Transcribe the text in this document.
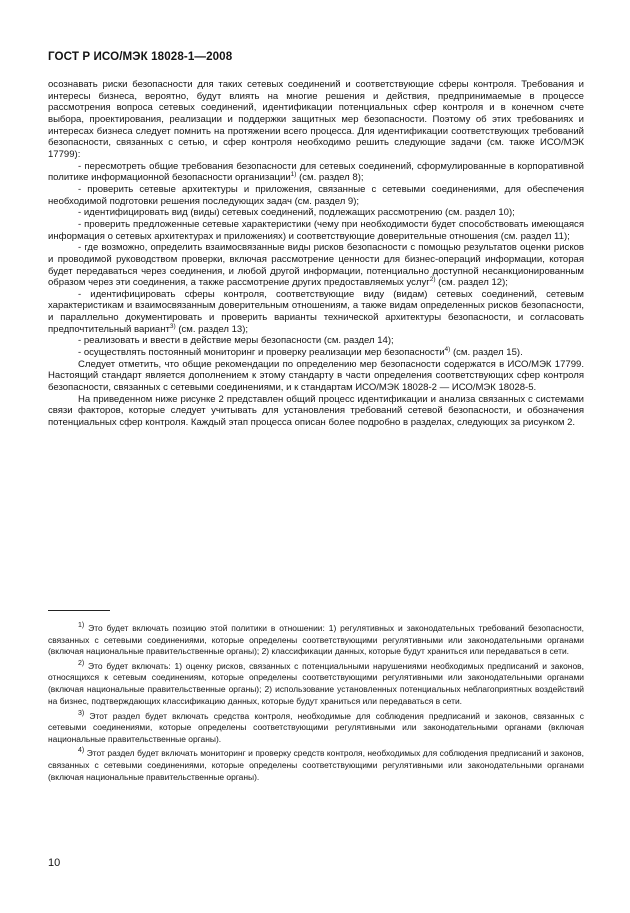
ГОСТ Р ИСО/МЭК 18028-1—2008

осознавать риски безопасности для таких сетевых соединений и соответствующие сферы контроля. Требования и интересы бизнеса, вероятно, будут влиять на многие решения и действия, предпринимаемые в процессе рассмотрения вопроса сетевых соединений, идентификации потенциальных сфер контроля и в конечном счете выбора, проектирования, реализации и поддержки защитных мер безопасности. Поэтому об этих требованиях и интересах бизнеса следует помнить на протяжении всего процесса. Для идентификации соответствующих требований безопасности, связанных с сетью, и сфер контроля необходимо решить следующие задачи (см. также ИСО/МЭК 17799):

- пересмотреть общие требования безопасности для сетевых соединений, сформулированные в корпоративной политике информационной безопасности организации$^{1)}$ (см. раздел 8);

- проверить сетевые архитектуры и приложения, связанные с сетевыми соединениями, для обеспечения необходимой подготовки решения последующих задач (см. раздел 9);

- идентифицировать вид (виды) сетевых соединений, подлежащих рассмотрению (см. раздел 10);

- проверить предложенные сетевые характеристики (чему при необходимости будет способствовать имеющаяся информация о сетевых архитектурах и приложениях) и соответствующие доверительные отношения (см. раздел 11);

- где возможно, определить взаимосвязанные виды рисков безопасности с помощью результатов оценки рисков и проводимой руководством проверки, включая рассмотрение ценности для бизнес-операций информации, которая будет передаваться через соединения, и любой другой информации, потенциально доступной несанкционированным образом через эти соединения, а также рассмотрение других предоставляемых услуг$^{2)}$ (см. раздел 12);

- идентифицировать сферы контроля, соответствующие виду (видам) сетевых соединений, сетевым характеристикам и взаимосвязанным доверительным отношениям, а также видам определенных рисков безопасности, и параллельно документировать и проверить варианты технической архитектуры безопасности, и согласовать предпочтительный вариант$^{3)}$ (см. раздел 13);

- реализовать и ввести в действие меры безопасности (см. раздел 14);

- осуществлять постоянный мониторинг и проверку реализации мер безопасности$^{4)}$ (см. раздел 15).

Следует отметить, что общие рекомендации по определению мер безопасности содержатся в ИСО/МЭК 17799. Настоящий стандарт является дополнением к этому стандарту в части определения соответствующих сфер контроля безопасности, связанных с сетевыми соединениями, и к стандартам ИСО/МЭК 18028-2 — ИСО/МЭК 18028-5.

На приведенном ниже рисунке 2 представлен общий процесс идентификации и анализа связанных с системами связи факторов, которые следует учитывать для установления требований сетевой безопасности, и обозначения потенциальных сфер контроля. Каждый этап процесса описан более подробно в разделах, следующих за рисунком 2.

$^{1)}$ Это будет включать позицию этой политики в отношении: 1) регулятивных и законодательных требований безопасности, связанных с сетевыми соединениями, которые определены соответствующими регулятивными или законодательными органами (включая национальные правительственные органы); 2) классификации данных, которые будут храниться или передаваться в сети.

$^{2)}$ Это будет включать: 1) оценку рисков, связанных с потенциальными нарушениями необходимых предписаний и законов, относящихся к сетевым соединениям, которые определены соответствующими регулятивными или законодательными органами (включая национальные правительственные органы); 2) использование установленных потенциальных неблагоприятных воздействий на бизнес, подтверждающих классификацию данных, которые будут храниться или передаваться в сети.

$^{3)}$ Этот раздел будет включать средства контроля, необходимые для соблюдения предписаний и законов, связанных с сетевыми соединениями, которые определены соответствующими регулятивными или законодательными органами (включая национальные правительственные органы).

$^{4)}$ Этот раздел будет включать мониторинг и проверку средств контроля, необходимых для соблюдения предписаний и законов, связанных с сетевыми соединениями, которые определены соответствующими регулятивными или законодательными органами (включая национальные правительственные органы).

10
